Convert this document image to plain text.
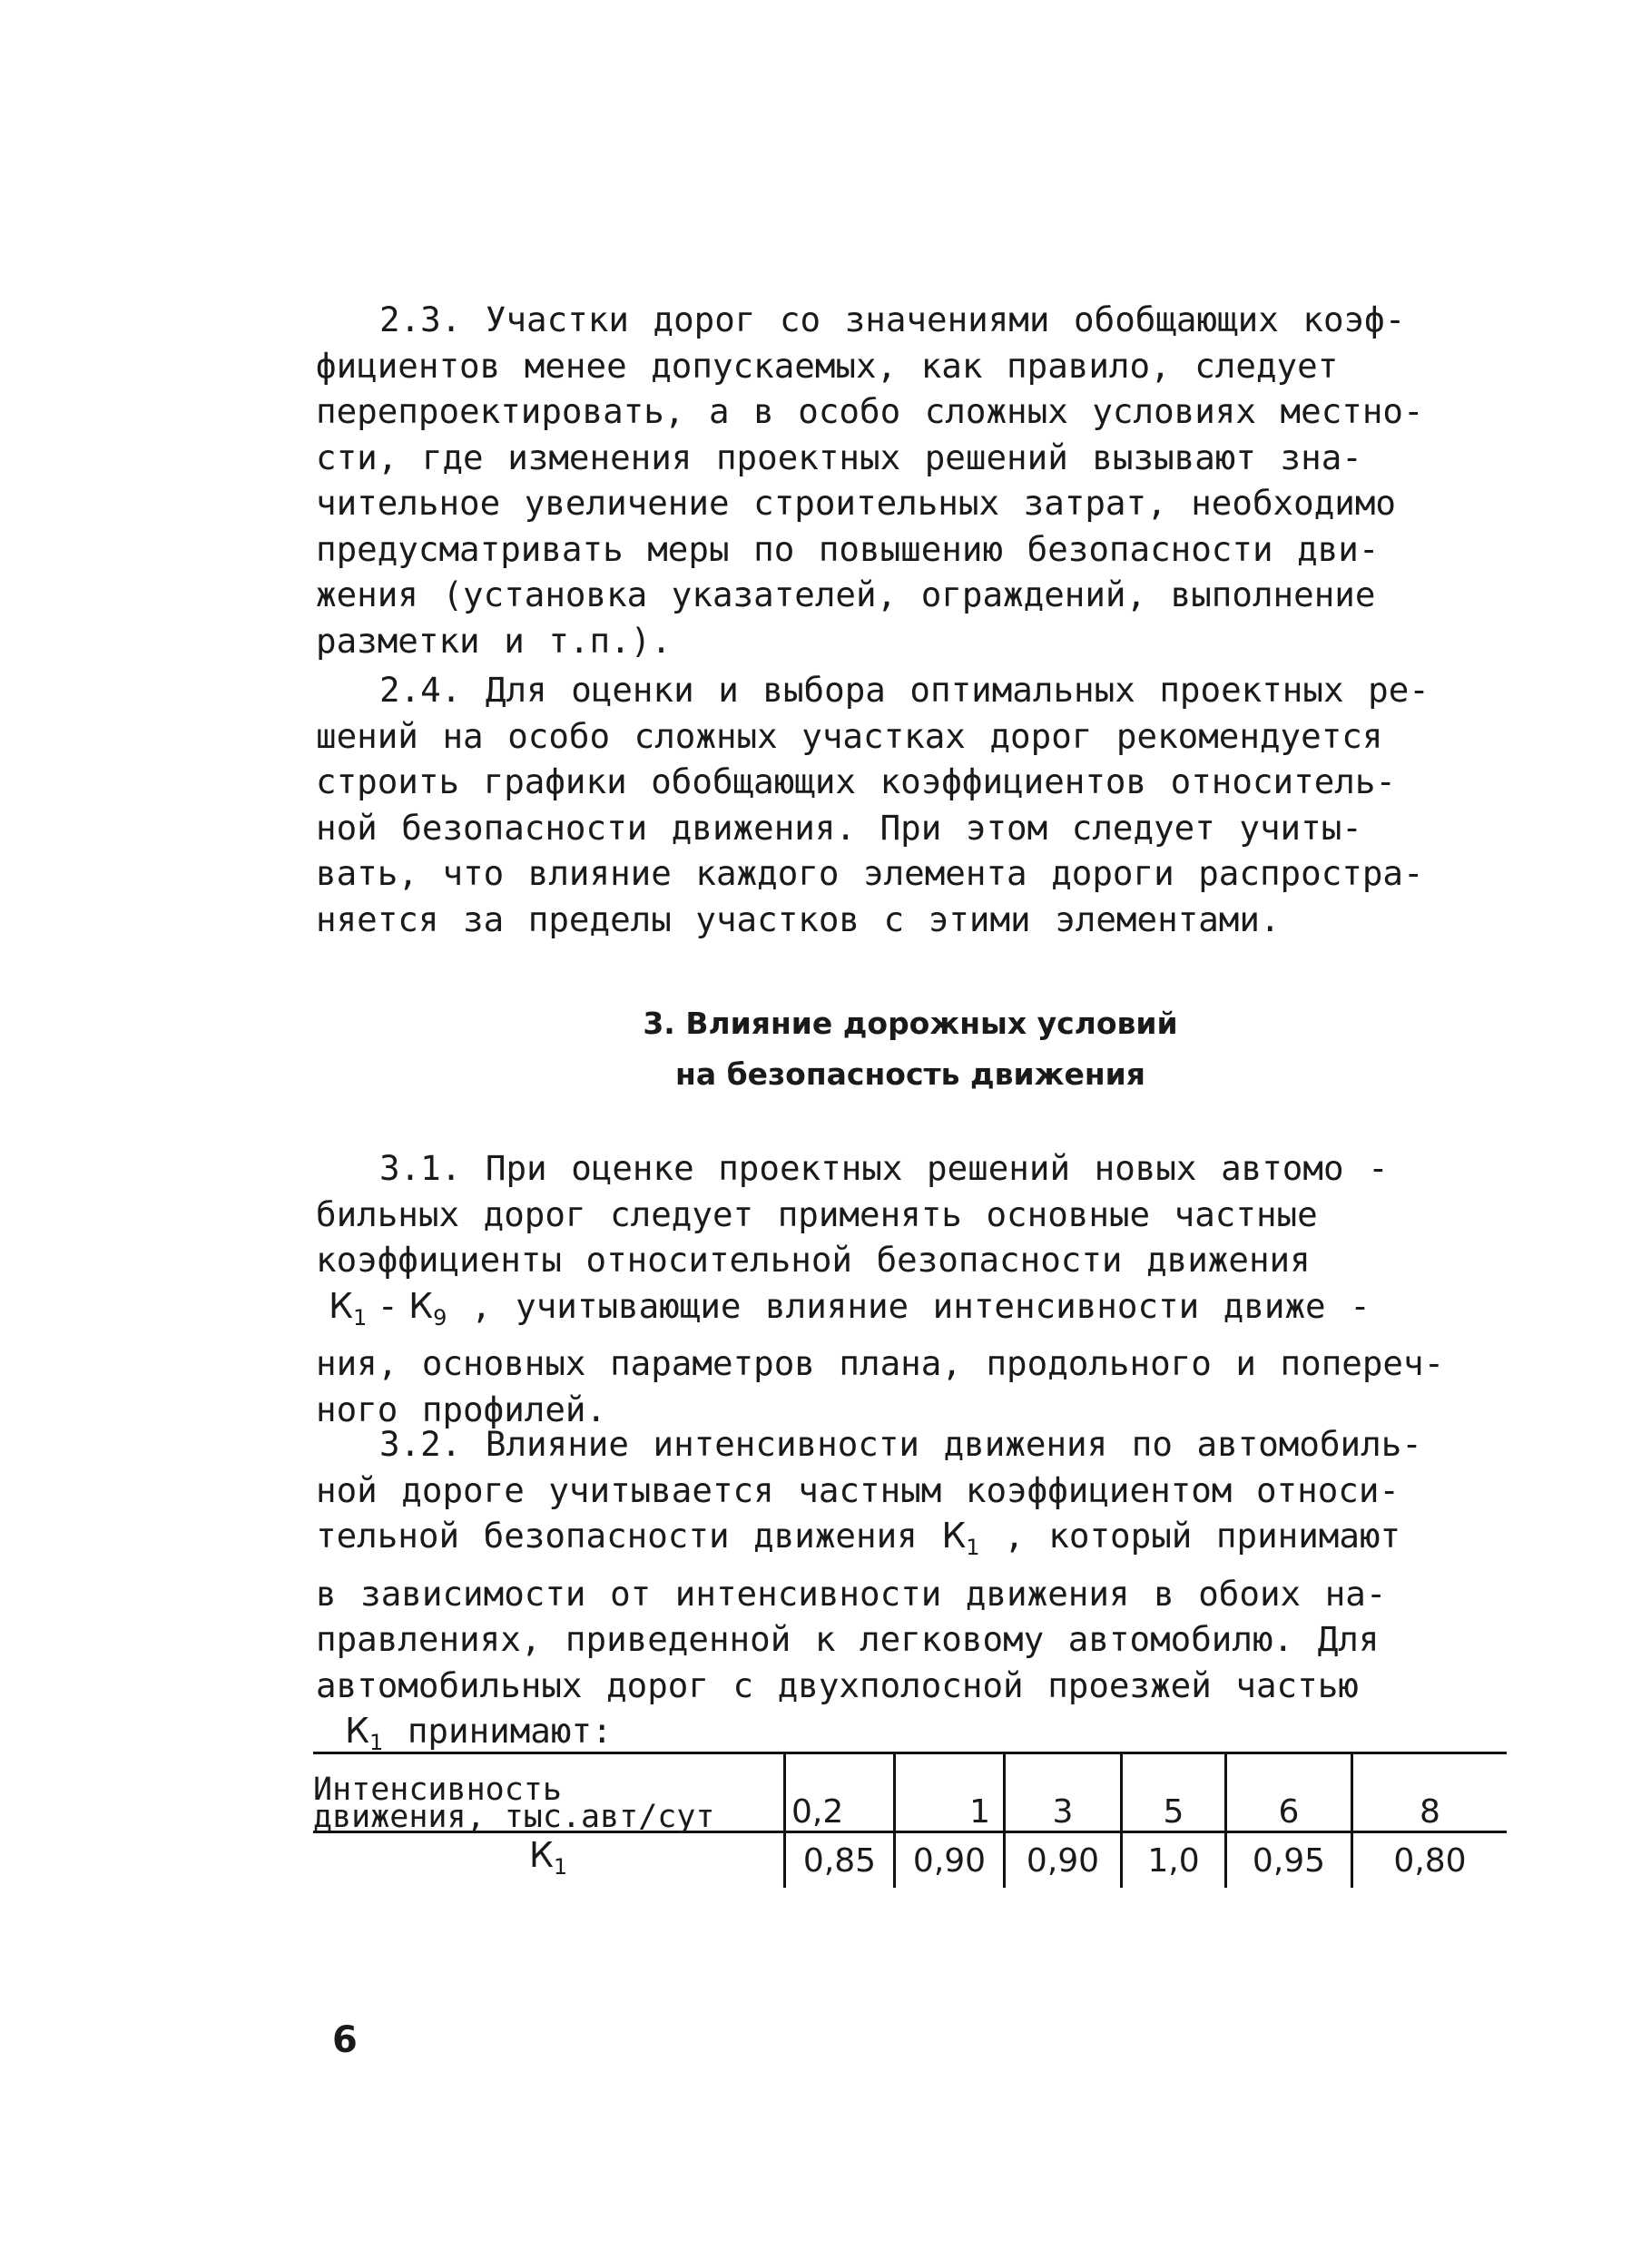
2.3. Участки дорог со значениями обобщающих коэф-
фициентов менее допускаемых, как правило, следует
перепроектировать, а в особо сложных условиях местно-
сти, где изменения проектных решений вызывают зна-
чительное увеличение строительных затрат, необходимо
предусматривать меры по повышению безопасности дви-
жения (установка указателей, ограждений, выполнение
разметки и т.п.).
2.4. Для оценки и выбора оптимальных проектных ре-
шений на особо сложных участках дорог рекомендуется
строить графики обобщающих коэффициентов относитель-
ной безопасности движения. При этом следует учиты-
вать, что влияние каждого элемента дороги распростра-
няется за пределы участков с этими элементами.
3. Влияние дорожных условий
на безопасность движения
3.1. При оценке проектных решений новых автомо -
бильных дорог следует применять основные частные
коэффициенты относительной безопасности движения
$К_1 - К_9$ , учитывающие влияние интенсивности движе -
ния, основных параметров плана, продольного и попереч-
ного профилей.
3.2. Влияние интенсивности движения по автомобиль-
ной дороге учитывается частным коэффициентом относи-
тельной безопасности движения $К_1$ , который принимают
в зависимости от интенсивности движения в обоих на-
правлениях, приведенной к легковому автомобилю. Для
автомобильных дорог с двухполосной проезжей частью
$К_1$ принимают:
Интенсивность
движения, тыс.авт/сут	0,2	1	3	5	6	8
$К_1$	0,85	0,90	0,90	1,0	0,95	0,80
6
